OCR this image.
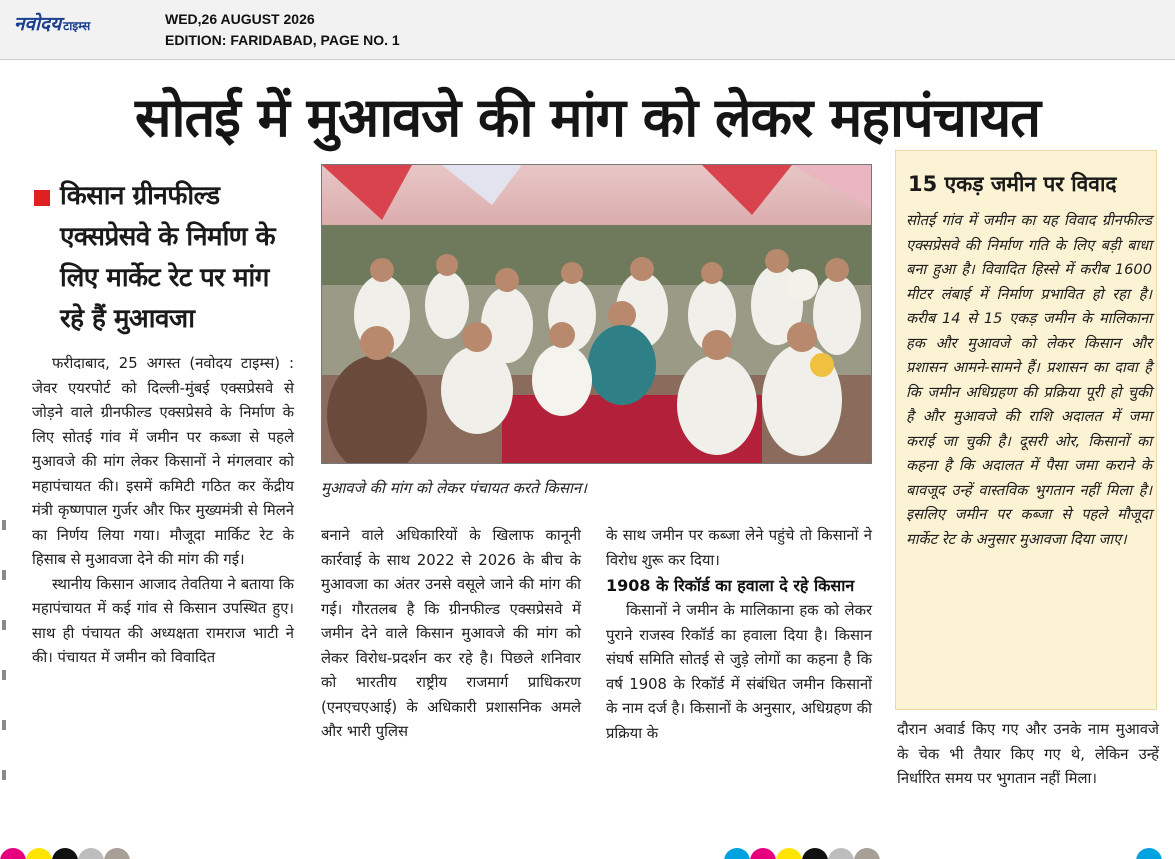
नवोदय टाइम्स	WED,26 AUGUST 2026
EDITION: FARIDABAD, PAGE NO. 1
सोतई में मुआवजे की मांग को लेकर महापंचायत
किसान ग्रीनफील्ड एक्सप्रेसवे के निर्माण के लिए मार्केट रेट पर मांग रहे हैं मुआवजा

फरीदाबाद, 25 अगस्त (नवोदय टाइम्स) : जेवर एयरपोर्ट को दिल्ली-मुंबई एक्सप्रेसवे से जोड़ने वाले ग्रीनफील्ड एक्सप्रेसवे के निर्माण के लिए सोतई गांव में जमीन पर कब्जा से पहले मुआवजे की मांग लेकर किसानों ने मंगलवार को महापंचायत की। इसमें कमिटी गठित कर केंद्रीय मंत्री कृष्णपाल गुर्जर और फिर मुख्यमंत्री से मिलने का निर्णय लिया गया। मौजूदा मार्किट रेट के हिसाब से मुआवजा देने की मांग की गई।

स्थानीय किसान आजाद तेवतिया ने बताया कि महापंचायत में कई गांव से किसान उपस्थित हुए। साथ ही पंचायत की अध्यक्षता रामराज भाटी ने की। पंचायत में जमीन को विवादित

मुआवजे की मांग को लेकर पंचायत करते किसान।

बनाने वाले अधिकारियों के खिलाफ कानूनी कार्रवाई के साथ 2022 से 2026 के बीच के मुआवजा का अंतर उनसे वसूले जाने की मांग की गई। गौरतलब है कि ग्रीनफील्ड एक्सप्रेसवे में जमीन देने वाले किसान मुआवजे की मांग को लेकर विरोध-प्रदर्शन कर रहे है। पिछले शनिवार को भारतीय राष्ट्रीय राजमार्ग प्राधिकरण (एनएचएआई) के अधिकारी प्रशासनिक अमले और भारी पुलिस

के साथ जमीन पर कब्जा लेने पहुंचे तो किसानों ने विरोध शुरू कर दिया।

1908 के रिकॉर्ड का हवाला दे रहे किसान

किसानों ने जमीन के मालिकाना हक को लेकर पुराने राजस्व रिकॉर्ड का हवाला दिया है। किसान संघर्ष समिति सोतई से जुड़े लोगों का कहना है कि वर्ष 1908 के रिकॉर्ड में संबंधित जमीन किसानों के नाम दर्ज है। किसानों के अनुसार, अधिग्रहण की प्रक्रिया के

15 एकड़ जमीन पर विवाद
सोतई गांव में जमीन का यह विवाद ग्रीनफील्ड एक्सप्रेसवे की निर्माण गति के लिए बड़ी बाधा बना हुआ है। विवादित हिस्से में करीब 1600 मीटर लंबाई में निर्माण प्रभावित हो रहा है। करीब 14 से 15 एकड़ जमीन के मालिकाना हक और मुआवजे को लेकर किसान और प्रशासन आमने-सामने हैं। प्रशासन का दावा है कि जमीन अधिग्रहण की प्रक्रिया पूरी हो चुकी है और मुआवजे की राशि अदालत में जमा कराई जा चुकी है। दूसरी ओर, किसानों का कहना है कि अदालत में पैसा जमा कराने के बावजूद उन्हें वास्तविक भुगतान नहीं मिला है। इसलिए जमीन पर कब्जा से पहले मौजूदा मार्केट रेट के अनुसार मुआवजा दिया जाए।

दौरान अवार्ड किए गए और उनके नाम मुआवजे के चेक भी तैयार किए गए थे, लेकिन उन्हें निर्धारित समय पर भुगतान नहीं मिला।
